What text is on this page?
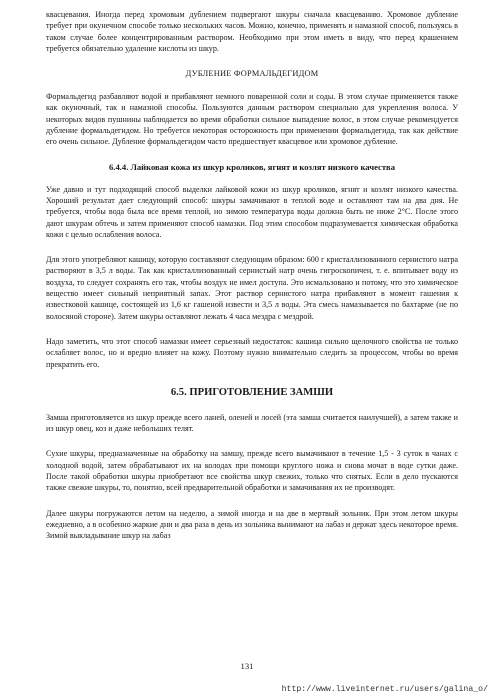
квасцевания. Иногда перед хромовым дублением подвергают шкуры сначала квасцеванию. Хромовое дубление требует при окунечном способе только нескольких часов. Можно, конечно, применять и намазной способ, пользуясь в таком случае более концентрированным раствором. Необходимо при этом иметь в виду, что перед крашением требуется обязательно удаление кислоты из шкур.

ДУБЛЕНИЕ ФОРМАЛЬДЕГИДОМ

Формальдегид разбавляют водой и прибавляют немного поваренной соли и соды. В этом случае применяется также как окуночный, так и намазной способы. Пользуются данным раствором специально для укрепления волоса. У некоторых видов пушнины наблюдается во время обработки сильное выпадение волос, в этом случае рекомендуется дубление формальдегидом. Но требуется некоторая осторожность при применении формальдегида, так как действие его очень сильное. Дубление формальдегидом часто предшествует квасцевое или хромовое дубление.

6.4.4. Лайковая кожа из шкур кроликов, ягнят и козлят низкого качества

Уже давно и тут подходящий способ выделки лайковой кожи из шкур кроликов, ягнят и козлят низкого качества. Хороший результат дает следующий способ: шкуры замачивают в теплой воде и оставляют там на два дня. Не требуется, чтобы вода была все время теплой, но зимою температура воды должна быть не ниже 2°С. После этого дают шкурам обтечь и затем применяют способ намазки. Под этим способом подразумевается химическая обработка кожи с целью ослабления волоса.

Для этого употребляют кашицу, которую составляют следующим образом: 600 г кристаллизованного сернистого натра растворяют в 3,5 л воды. Так как кристаллизованный сернистый натр очень гигроскопичен, т. е. впитывает воду из воздуха, то следует сохранять его так, чтобы воздух не имел доступа. Это исмальзовано и потому, что это химическое вещество имеет сильный неприятный запах. Этот раствор сернистого натра прибавляют в момент гашения к известковой кашице, состоящей из 1,6 кг гашеной извести и 3,5 л воды. Эта смесь намазывается по бахтарме (не по волосяной стороне). Затем шкуры оставляют лежать 4 часа мездра с мездрой.

Надо заметить, что этот способ намазки имеет серьезный недостаток: кашица сильно щелочного свойства не только ослабляет волос, но и вредно влияет на кожу. Поэтому нужно внимательно следить за процессом, чтобы во время прекратить его.

6.5. ПРИГОТОВЛЕНИЕ ЗАМШИ

Замша приготовляется из шкур прежде всего ланей, оленей и лосей (эта замша считается наилучшей), а затем также и из шкур овец, коз и даже небольших телят.

Сухие шкуры, предназначенные на обработку на замшу, прежде всего вымачивают в течение 1,5 - 3 суток в чанах с холодной водой, затем обрабатывают их на колодах при помощи круглого ножа и снова мочат в воде сутки даже. После такой обработки шкуры приобретают все свойства шкур свежих, только что снятых. Если в дело пускаются также свежие шкуры, то, понятно, всей предварительной обработки и замачивания их не производят.

Далее шкуры погружаются летом на неделю, а зимой иногда и на две в мертвый зольник. При этом летом шкуры ежедневно, а в особенно жаркие дни и два раза в день из зольника вынимают на лабаз и держат здесь некоторое время. Зимой выкладывание шкур на лабаз

131
http://www.liveinternet.ru/users/galina_o/
